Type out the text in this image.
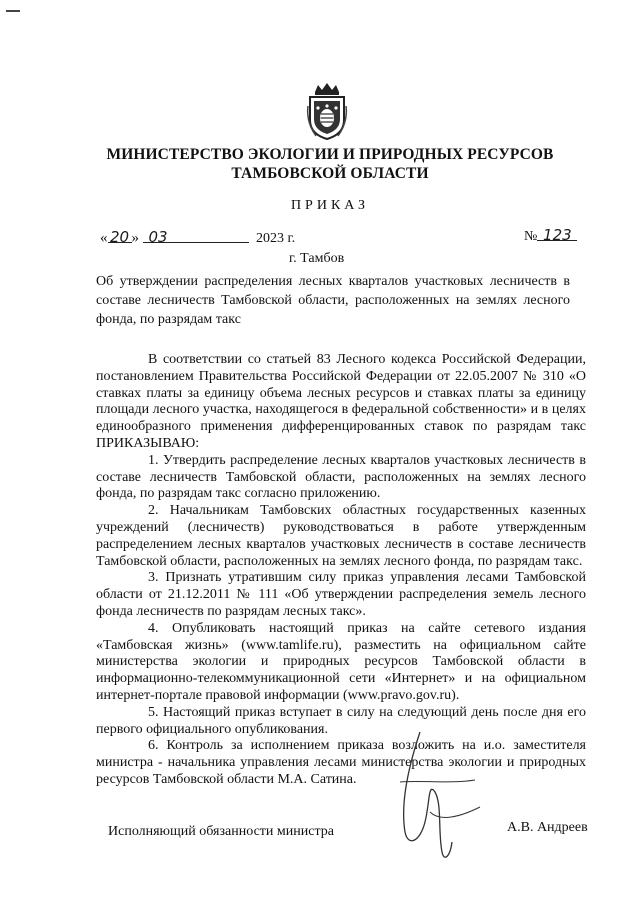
МИНИСТЕРСТВО ЭКОЛОГИИ И ПРИРОДНЫХ РЕСУРСОВ
ТАМБОВСКОЙ ОБЛАСТИ
ПРИКАЗ
« 20 » 03	2023 г.	№ 123
г. Тамбов
Об утверждении распределения лесных кварталов участковых лесничеств в составе лесничеств Тамбовской области, расположенных на землях лесного фонда, по разрядам такс

В соответствии со статьей 83 Лесного кодекса Российской Федерации, постановлением Правительства Российской Федерации от 22.05.2007 № 310 «О ставках платы за единицу объема лесных ресурсов и ставках платы за единицу площади лесного участка, находящегося в федеральной собственности» и в целях единообразного применения дифференцированных ставок по разрядам такс ПРИКАЗЫВАЮ:

1. Утвердить распределение лесных кварталов участковых лесничеств в составе лесничеств Тамбовской области, расположенных на землях лесного фонда, по разрядам такс согласно приложению.

2. Начальникам Тамбовских областных государственных казенных учреждений (лесничеств) руководствоваться в работе утвержденным распределением лесных кварталов участковых лесничеств в составе лесничеств Тамбовской области, расположенных на землях лесного фонда, по разрядам такс.

3. Признать утратившим силу приказ управления лесами Тамбовской области от 21.12.2011 № 111 «Об утверждении распределения земель лесного фонда лесничеств по разрядам лесных такс».

4. Опубликовать настоящий приказ на сайте сетевого издания «Тамбовская жизнь» (www.tamlife.ru), разместить на официальном сайте министерства экологии и природных ресурсов Тамбовской области в информационно-телекоммуникационной сети «Интернет» и на официальном интернет-портале правовой информации (www.pravo.gov.ru).

5. Настоящий приказ вступает в силу на следующий день после дня его первого официального опубликования.

6. Контроль за исполнением приказа возложить на и.о. заместителя министра - начальника управления лесами министерства экологии и природных ресурсов Тамбовской области М.А. Сатина.

Исполняющий обязанности министра	А.В. Андреев
